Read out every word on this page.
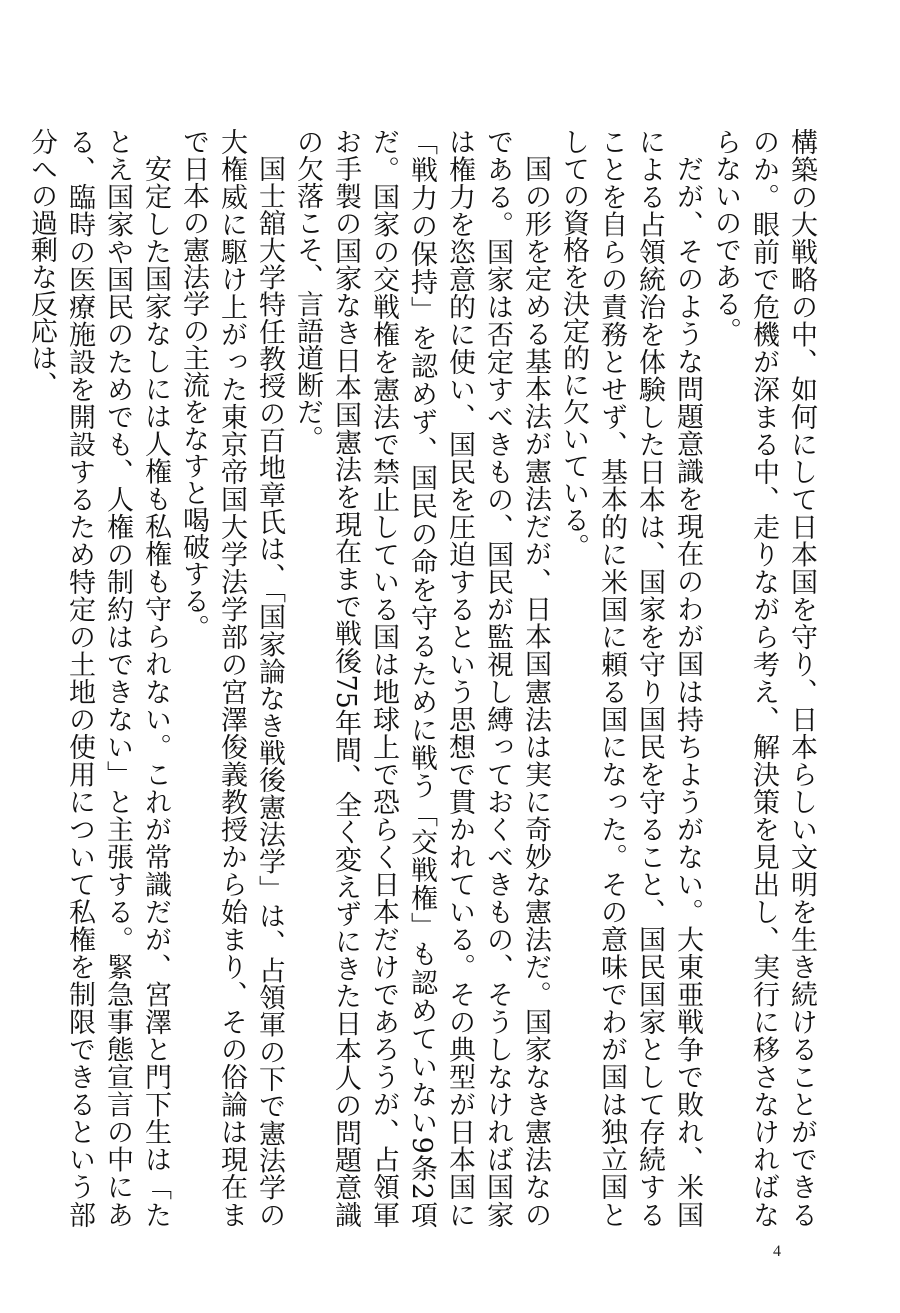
構築の大戦略の中、如何にして日本国を守り、日本らしい文明を生き続けることができるのか。眼前で危機が深まる中、走りながら考え、解決策を見出し、実行に移さなければならないのである。

だが、そのような問題意識を現在のわが国は持ちようがない。大東亜戦争で敗れ、米国による占領統治を体験した日本は、国家を守り国民を守ること、国民国家として存続することを自らの責務とせず、基本的に米国に頼る国になった。その意味でわが国は独立国としての資格を決定的に欠いている。

国の形を定める基本法が憲法だが、日本国憲法は実に奇妙な憲法だ。国家なき憲法なのである。国家は否定すべきもの、国民が監視し縛っておくべきもの、そうしなければ国家は権力を恣意的に使い、国民を圧迫するという思想で貫かれている。その典型が日本国に「戦力の保持」を認めず、国民の命を守るために戦う「交戦権」も認めていない9条2項だ。国家の交戦権を憲法で禁止している国は地球上で恐らく日本だけであろうが、占領軍お手製の国家なき日本国憲法を現在まで戦後75年間、全く変えずにきた日本人の問題意識の欠落こそ、言語道断だ。

国士舘大学特任教授の百地章氏は、「国家論なき戦後憲法学」は、占領軍の下で憲法学の大権威に駆け上がった東京帝国大学法学部の宮澤俊義教授から始まり、その俗論は現在まで日本の憲法学の主流をなすと喝破する。

安定した国家なしには人権も私権も守られない。これが常識だが、宮澤と門下生は「たとえ国家や国民のためでも、人権の制約はできない」と主張する。緊急事態宣言の中にある、臨時の医療施設を開設するため特定の土地の使用について私権を制限できるという部分への過剰な反応は、

4
